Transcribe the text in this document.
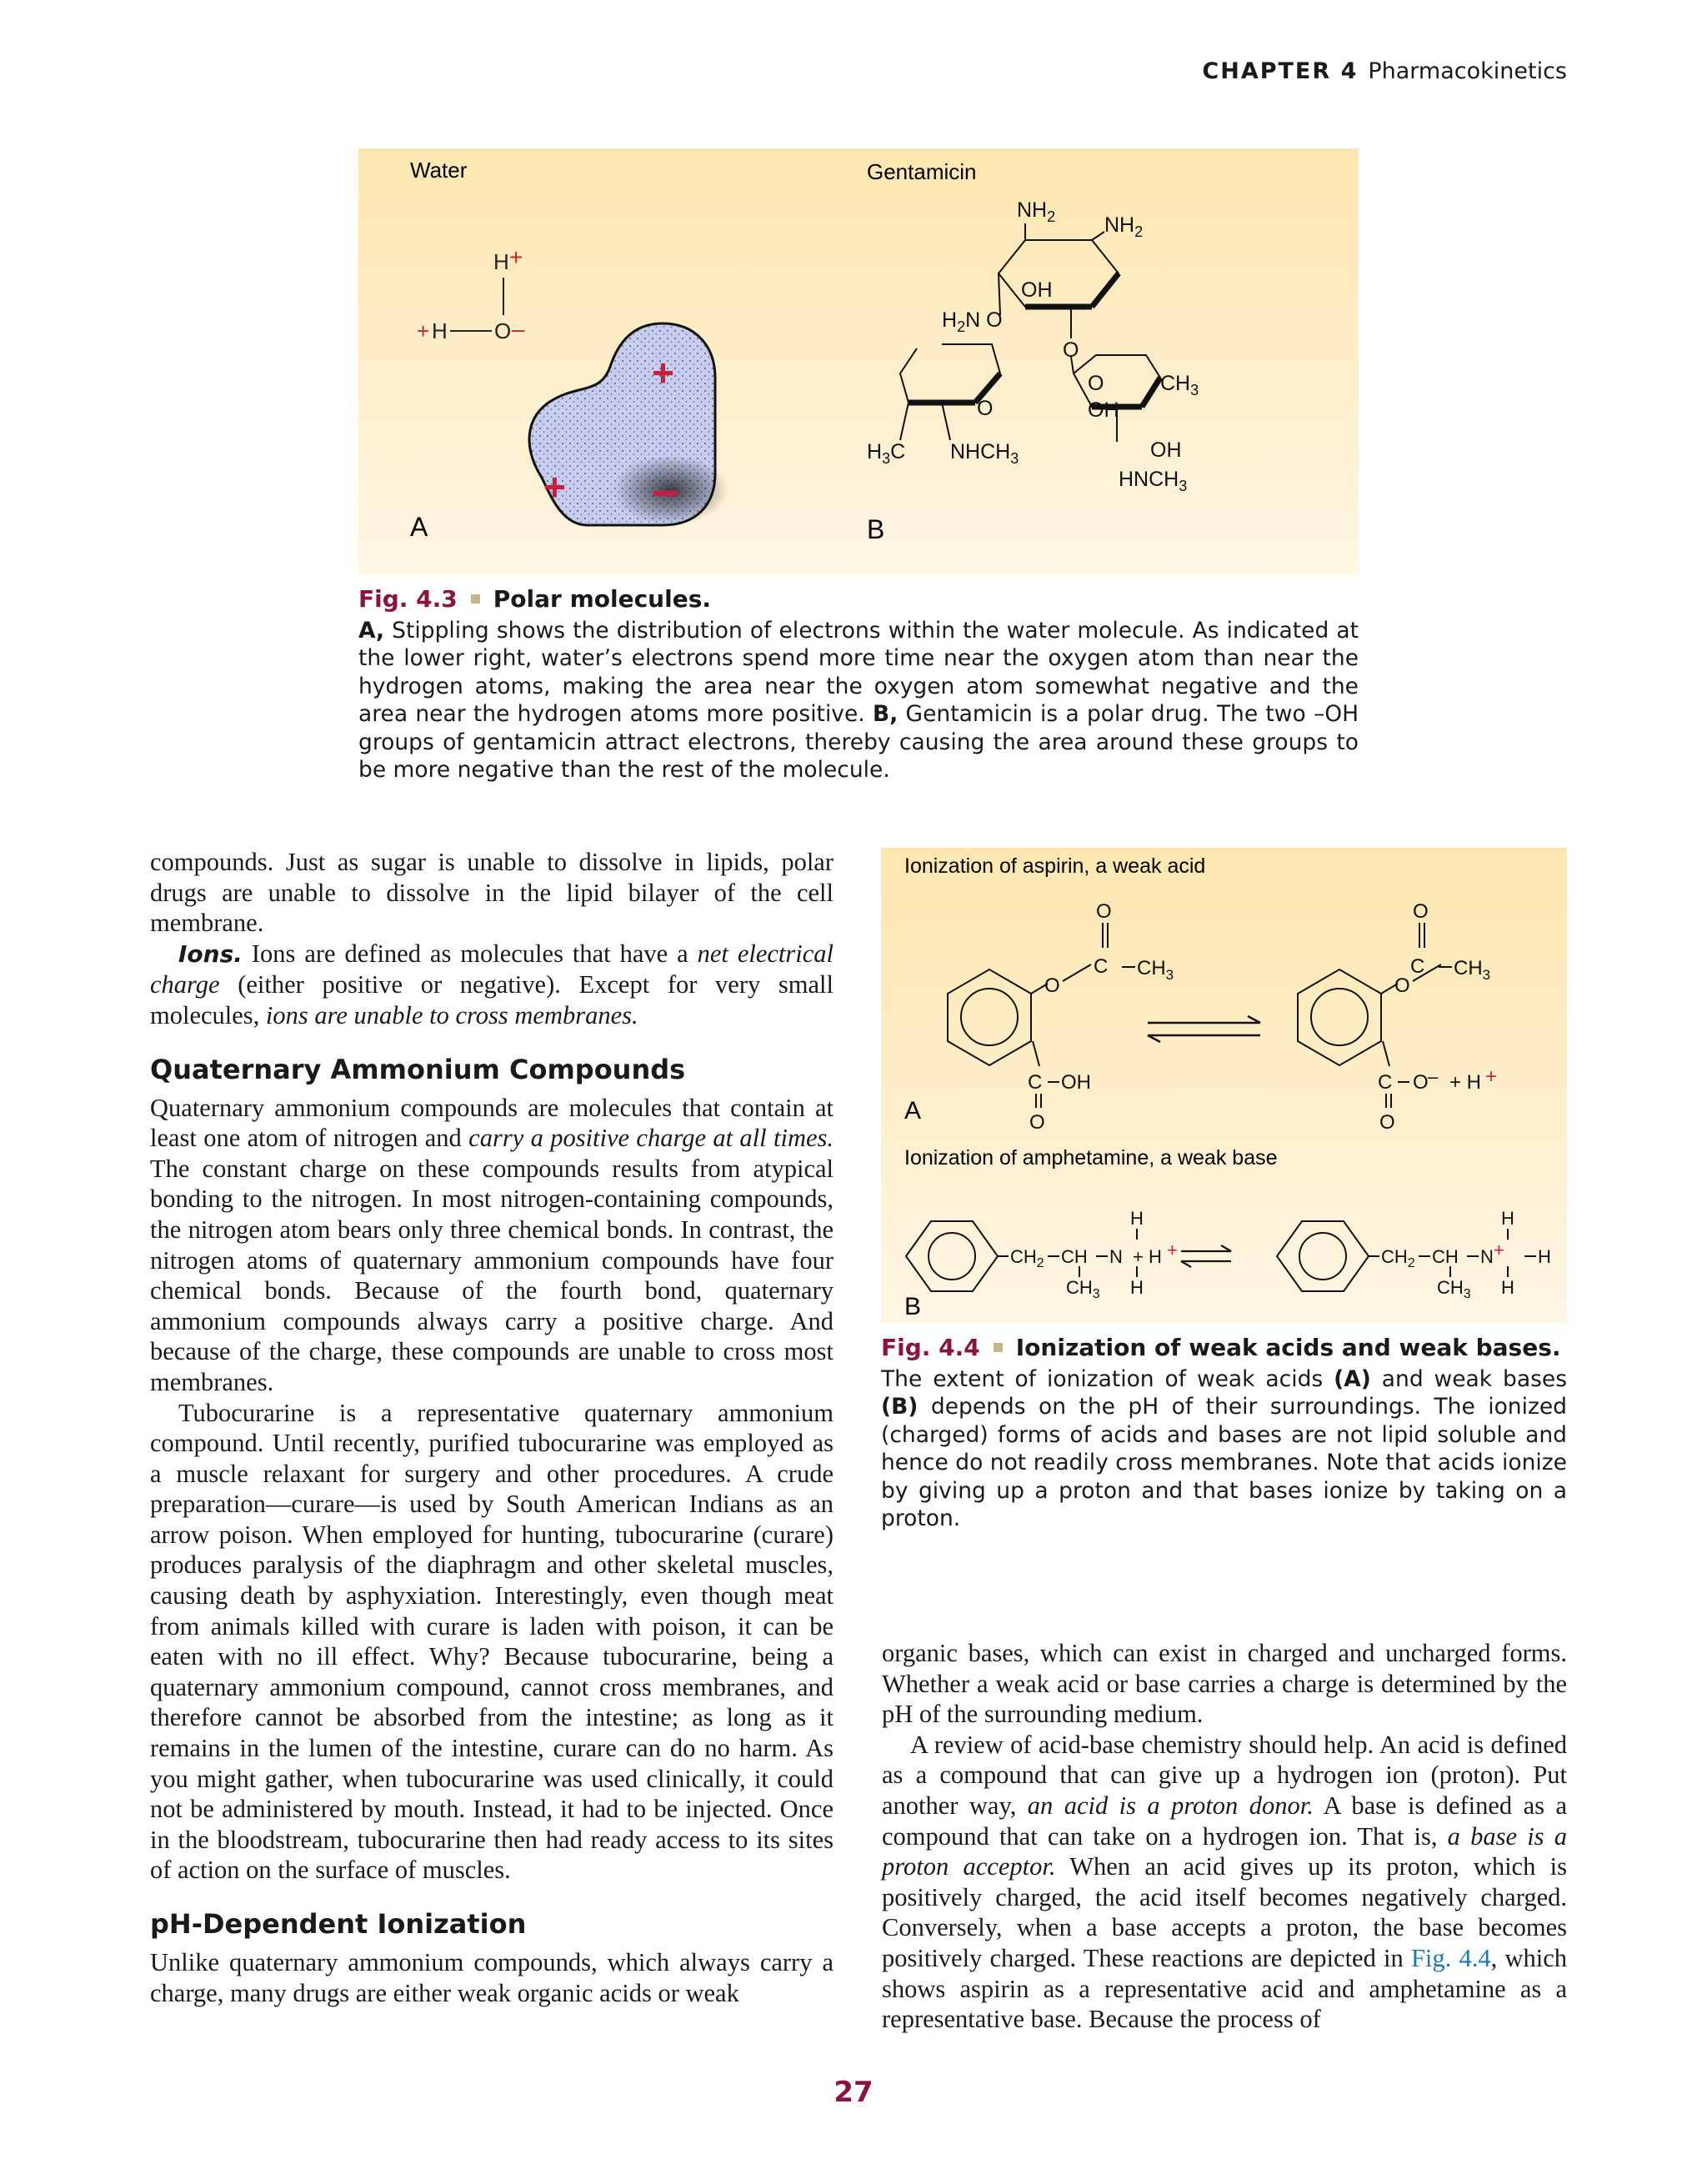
CHAPTER 4 Pharmacokinetics
Water	Gentamicin
H +
+ H O –
+
+
A	B
$NH_2$ $NH_2$
OH
$H_2N$ O
O
O	$CH_3$
OH
OH
O
$H_3C$ $NHCH_3$
$HNCH_3$

Fig. 4.3 Polar molecules.

A, Stippling shows the distribution of electrons within the water molecule. As indicated at the lower right, water’s electrons spend more time near the oxygen atom than near the hydrogen atoms, making the area near the oxygen atom somewhat negative and the area near the hydrogen atoms more positive. B, Gentamicin is a polar drug. The two –OH groups of gentamicin attract electrons, thereby causing the area around these groups to be more negative than the rest of the molecule.

compounds. Just as sugar is unable to dissolve in lipids, polar drugs are unable to dissolve in the lipid bilayer of the cell membrane.

Ions. Ions are defined as molecules that have a net electrical charge (either positive or negative). Except for very small molecules, ions are unable to cross membranes.

Quaternary Ammonium Compounds

Quaternary ammonium compounds are molecules that contain at least one atom of nitrogen and carry a positive charge at all times. The constant charge on these compounds results from atypical bonding to the nitrogen. In most nitrogen-containing compounds, the nitrogen atom bears only three chemical bonds. In contrast, the nitrogen atoms of quaternary ammonium compounds have four chemical bonds. Because of the fourth bond, quaternary ammonium compounds always carry a positive charge. And because of the charge, these compounds are unable to cross most membranes.

Tubocurarine is a representative quaternary ammonium compound. Until recently, purified tubocurarine was employed as a muscle relaxant for surgery and other procedures. A crude preparation—curare—is used by South American Indians as an arrow poison. When employed for hunting, tubocurarine (curare) produces paralysis of the diaphragm and other skeletal muscles, causing death by asphyxiation. Interestingly, even though meat from animals killed with curare is laden with poison, it can be eaten with no ill effect. Why? Because tubocurarine, being a quaternary ammonium compound, cannot cross membranes, and therefore cannot be absorbed from the intestine; as long as it remains in the lumen of the intestine, curare can do no harm. As you might gather, when tubocurarine was used clinically, it could not be administered by mouth. Instead, it had to be injected. Once in the bloodstream, tubocurarine then had ready access to its sites of action on the surface of muscles.

pH-Dependent Ionization

Unlike quaternary ammonium compounds, which always carry a charge, many drugs are either weak organic acids or weak

Ionization of aspirin, a weak acid
Ionization of amphetamine, a weak base
A
B
O
O
C $CH_3$
C OH
O
O
O
C $CH_3$
C O – + H +
O
$CH_2$ CH N
H
H
$CH_3$
+ H +	$CH_2$ CH N +
H
H
H
$CH_3$

Fig. 4.4 Ionization of weak acids and weak bases.

The extent of ionization of weak acids (A) and weak bases (B) depends on the pH of their surroundings. The ionized (charged) forms of acids and bases are not lipid soluble and hence do not readily cross membranes. Note that acids ionize by giving up a proton and that bases ionize by taking on a proton.

organic bases, which can exist in charged and uncharged forms. Whether a weak acid or base carries a charge is determined by the pH of the surrounding medium.

A review of acid-base chemistry should help. An acid is defined as a compound that can give up a hydrogen ion (proton). Put another way, an acid is a proton donor. A base is defined as a compound that can take on a hydrogen ion. That is, a base is a proton acceptor. When an acid gives up its proton, which is positively charged, the acid itself becomes negatively charged. Conversely, when a base accepts a proton, the base becomes positively charged. These reactions are depicted in Fig. 4.4, which shows aspirin as a representative acid and amphetamine as a representative base. Because the process of

27
